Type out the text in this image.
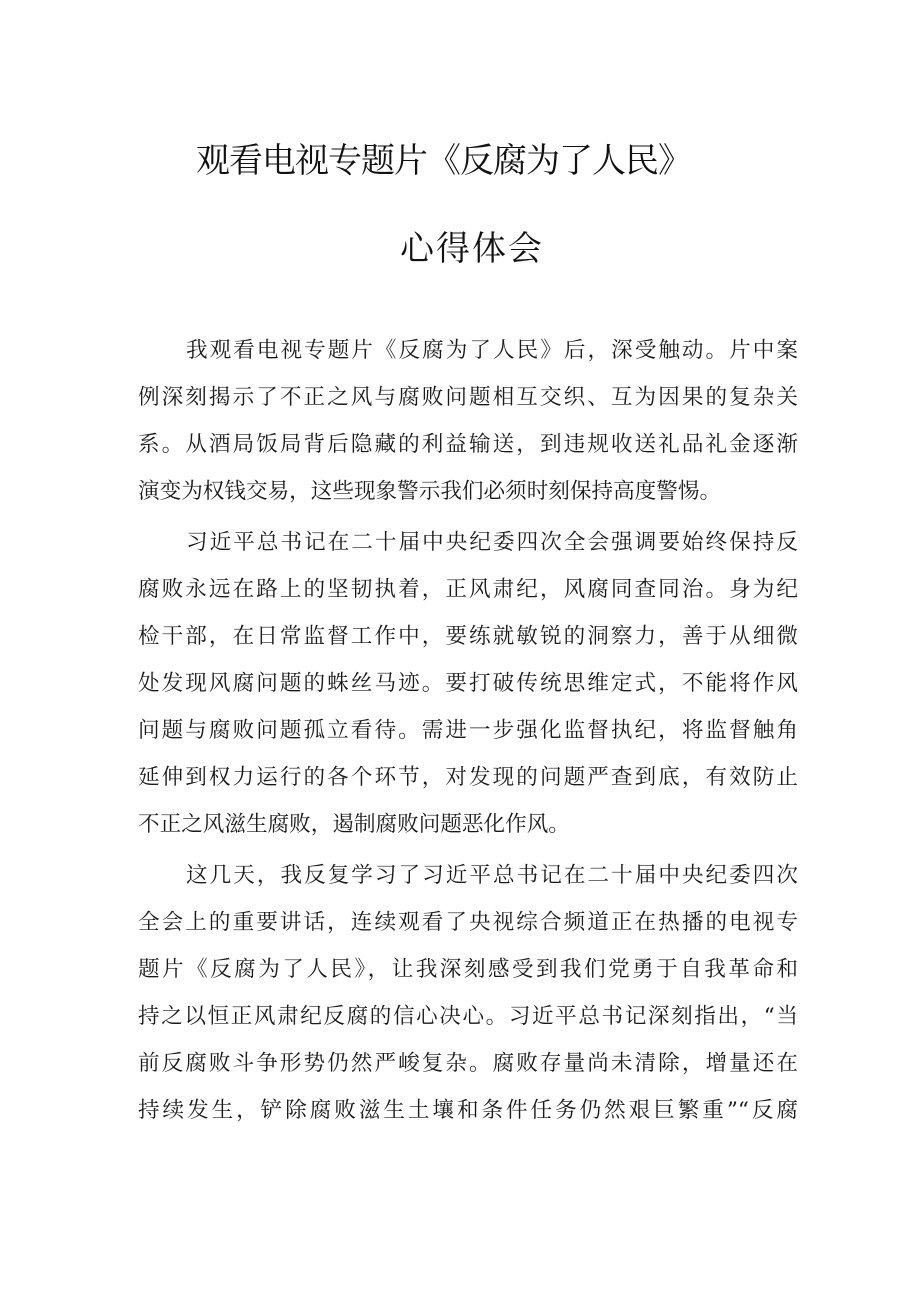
观看电视专题片《反腐为了人民》
心得体会
我观看电视专题片《反腐为了人民》后，深受触动。片中案
例深刻揭示了不正之风与腐败问题相互交织、互为因果的复杂关
系。从酒局饭局背后隐藏的利益输送，到违规收送礼品礼金逐渐
演变为权钱交易，这些现象警示我们必须时刻保持高度警惕。
习近平总书记在二十届中央纪委四次全会强调要始终保持反
腐败永远在路上的坚韧执着，正风肃纪，风腐同查同治。身为纪
检干部，在日常监督工作中，要练就敏锐的洞察力，善于从细微
处发现风腐问题的蛛丝马迹。要打破传统思维定式，不能将作风
问题与腐败问题孤立看待。需进一步强化监督执纪，将监督触角
延伸到权力运行的各个环节，对发现的问题严查到底，有效防止
不正之风滋生腐败，遏制腐败问题恶化作风。
这几天，我反复学习了习近平总书记在二十届中央纪委四次
全会上的重要讲话，连续观看了央视综合频道正在热播的电视专
题片《反腐为了人民》，让我深刻感受到我们党勇于自我革命和
持之以恒正风肃纪反腐的信心决心。习近平总书记深刻指出，“当
前反腐败斗争形势仍然严峻复杂。腐败存量尚未清除，增量还在
持续发生，铲除腐败滋生土壤和条件任务仍然艰巨繁重”“反腐
